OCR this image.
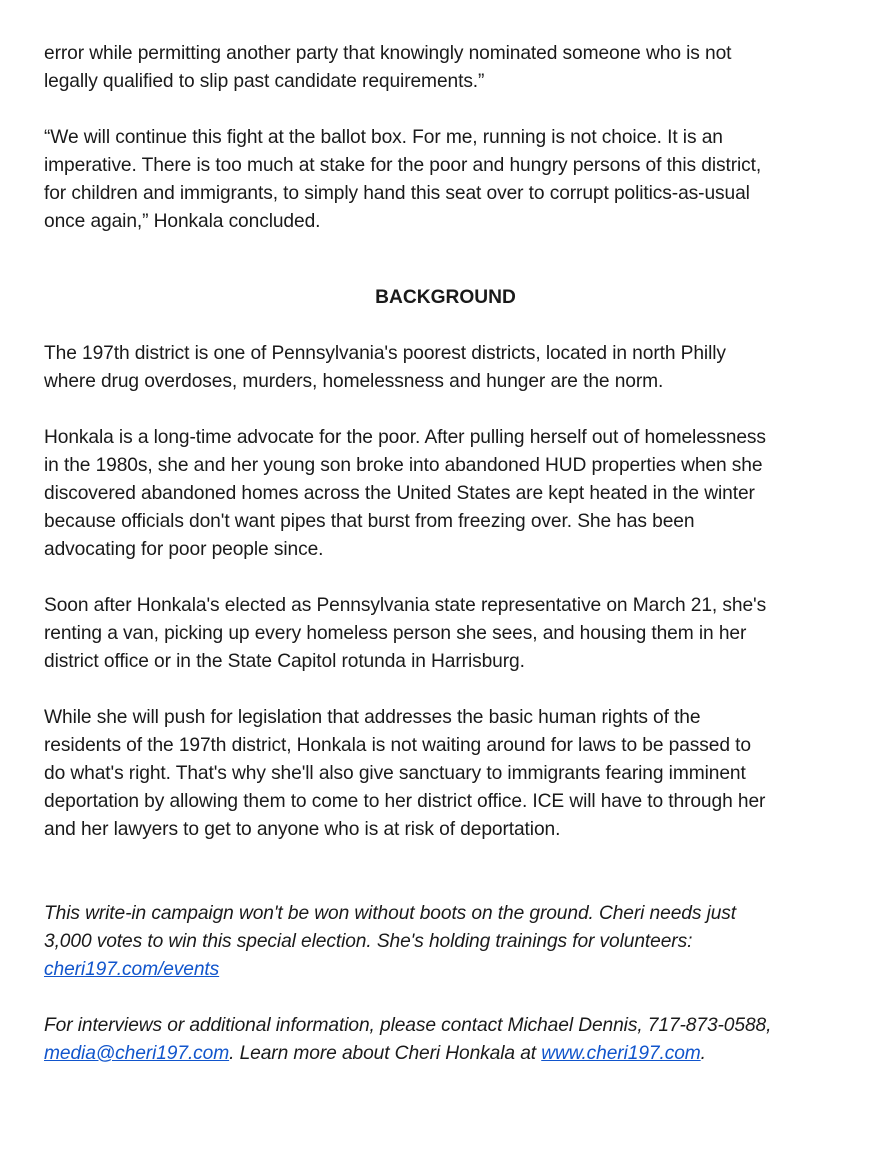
error while permitting another party that knowingly nominated someone who is not
legally qualified to slip past candidate requirements.”

“We will continue this fight at the ballot box. For me, running is not choice. It is an
imperative. There is too much at stake for the poor and hungry persons of this district,
for children and immigrants, to simply hand this seat over to corrupt politics-as-usual
once again,” Honkala concluded.

BACKGROUND

The 197th district is one of Pennsylvania's poorest districts, located in north Philly
where drug overdoses, murders, homelessness and hunger are the norm.

Honkala is a long-time advocate for the poor. After pulling herself out of homelessness
in the 1980s, she and her young son broke into abandoned HUD properties when she
discovered abandoned homes across the United States are kept heated in the winter
because officials don't want pipes that burst from freezing over. She has been
advocating for poor people since.

Soon after Honkala's elected as Pennsylvania state representative on March 21, she's
renting a van, picking up every homeless person she sees, and housing them in her
district office or in the State Capitol rotunda in Harrisburg.

While she will push for legislation that addresses the basic human rights of the
residents of the 197th district, Honkala is not waiting around for laws to be passed to
do what's right. That's why she'll also give sanctuary to immigrants fearing imminent
deportation by allowing them to come to her district office. ICE will have to through her
and her lawyers to get to anyone who is at risk of deportation.

This write-in campaign won't be won without boots on the ground. Cheri needs just
3,000 votes to win this special election. She's holding trainings for volunteers:
cheri197.com/events

For interviews or additional information, please contact Michael Dennis, 717-873-0588,
media@cheri197.com. Learn more about Cheri Honkala at www.cheri197.com.
